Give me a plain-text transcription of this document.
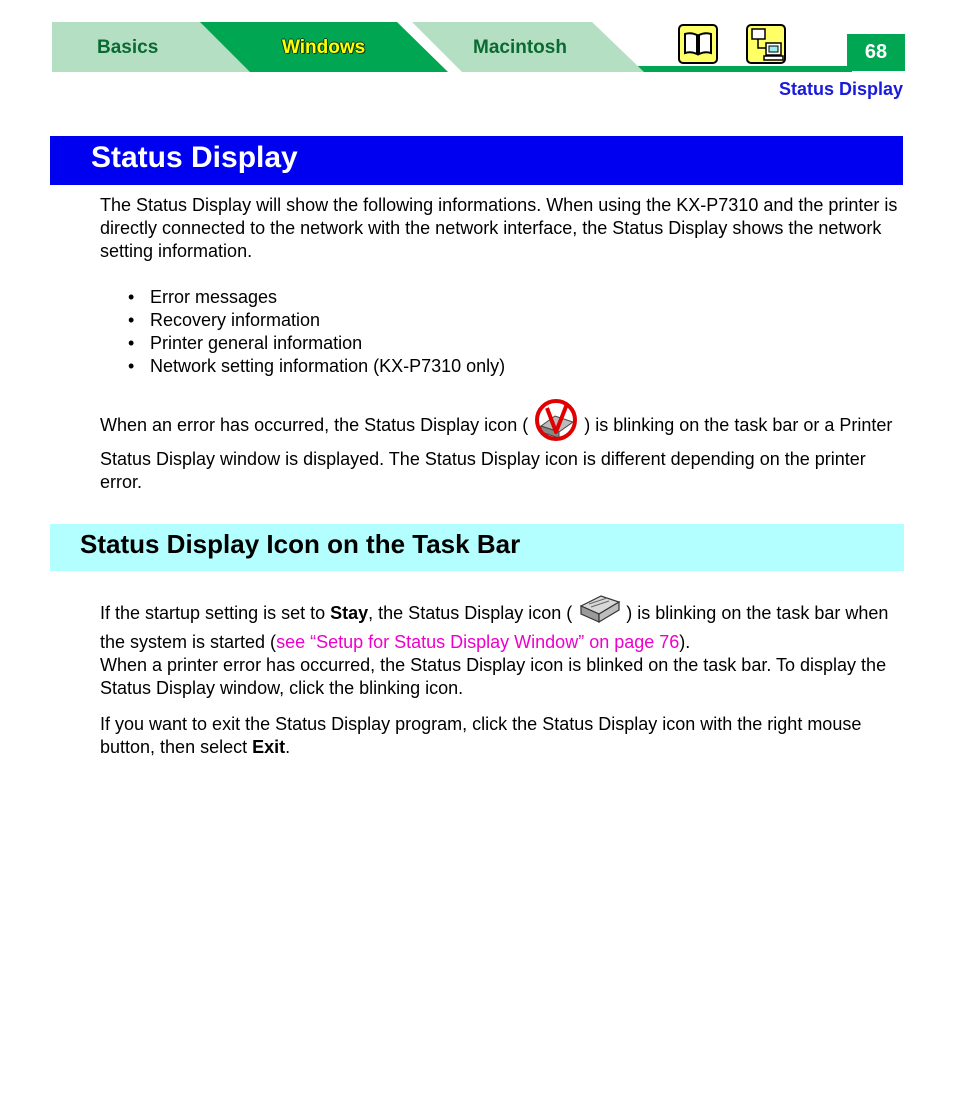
Basics	Windows	Macintosh	68
Status Display
Status Display
The Status Display will show the following informations. When using the KX-P7310 and the printer is directly connected to the network with the network interface, the Status Display shows the network setting information.
• Error messages
• Recovery information
• Printer general information
• Network setting information (KX-P7310 only)
When an error has occurred, the Status Display icon (	) is blinking on the task bar or a Printer Status Display window is displayed. The Status Display icon is different depending on the printer error.
Status Display Icon on the Task Bar
If the startup setting is set to Stay, the Status Display icon (	) is blinking on the task bar when the system is started (see “Setup for Status Display Window” on page 76).
When a printer error has occurred, the Status Display icon is blinked on the task bar. To display the Status Display window, click the blinking icon.
If you want to exit the Status Display program, click the Status Display icon with the right mouse button, then select Exit.
